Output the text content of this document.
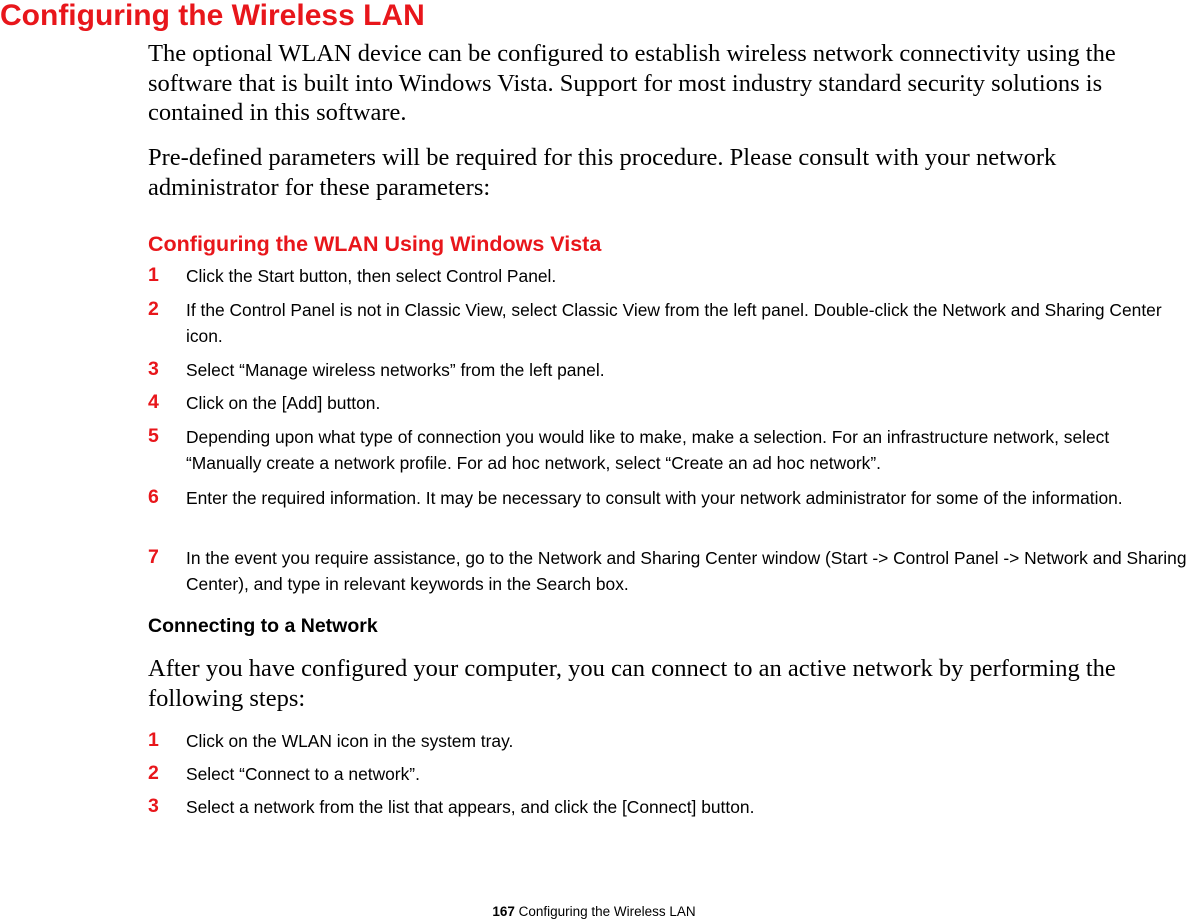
Configuring the Wireless LAN

The optional WLAN device can be configured to establish wireless network connectivity using the software that is built into Windows Vista. Support for most industry standard security solutions is contained in this software.

Pre-defined parameters will be required for this procedure. Please consult with your network administrator for these parameters:

Configuring the WLAN Using Windows Vista
1 Click the Start button, then select Control Panel.
2 If the Control Panel is not in Classic View, select Classic View from the left panel. Double-click the Network and Sharing Center icon.
3 Select “Manage wireless networks” from the left panel.
4 Click on the [Add] button.
5 Depending upon what type of connection you would like to make, make a selection. For an infrastructure network, select “Manually create a network profile. For ad hoc network, select “Create an ad hoc network”.
6 Enter the required information. It may be necessary to consult with your network administrator for some of the information.
7 In the event you require assistance, go to the Network and Sharing Center window (Start -> Control Panel -> Network and Sharing Center), and type in relevant keywords in the Search box.
Connecting to a Network

After you have configured your computer, you can connect to an active network by performing the following steps:

1 Click on the WLAN icon in the system tray.
2 Select “Connect to a network”.
3 Select a network from the list that appears, and click the [Connect] button.
167 Configuring the Wireless LAN
